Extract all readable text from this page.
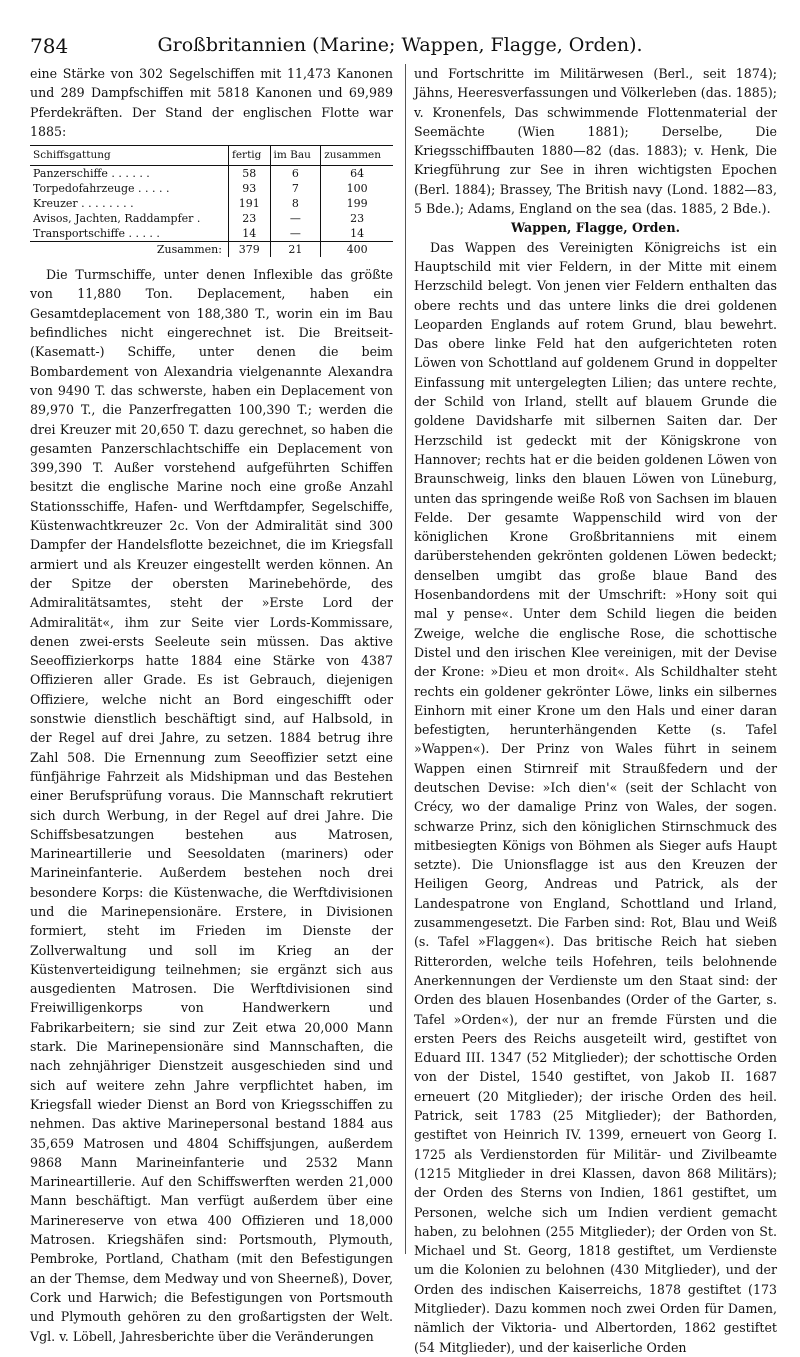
784	Großbritannien (Marine; Wappen, Flagge, Orden).

eine Stärke von 302 Segelschiffen mit 11,473 Kanonen und 289 Dampfschiffen mit 5818 Kanonen und 69,989 Pferdekräften. Der Stand der englischen Flotte war 1885:

Schiffsgattung	fertig	im Bau	zusammen
Panzerschiffe . . . . . .	58	6	64
Torpedofahrzeuge . . . . .	93	7	100
Kreuzer . . . . . . . .	191	8	199
Avisos, Jachten, Raddampfer .	23	—	23
Transportschiffe . . . . .	14	—	14
Zusammen:	379	21	400

Die Turmschiffe, unter denen Inflexible das größte von 11,880 Ton. Deplacement, haben ein Gesamtdeplacement von 188,380 T., worin ein im Bau befindliches nicht eingerechnet ist. Die Breitseit- (Kasematt-) Schiffe, unter denen die beim Bombardement von Alexandria vielgenannte Alexandra von 9490 T. das schwerste, haben ein Deplacement von 89,970 T., die Panzerfregatten 100,390 T.; werden die drei Kreuzer mit 20,650 T. dazu gerechnet, so haben die gesamten Panzerschlachtschiffe ein Deplacement von 399,390 T. Außer vorstehend aufgeführten Schiffen besitzt die englische Marine noch eine große Anzahl Stationsschiffe, Hafen- und Werftdampfer, Segelschiffe, Küstenwachtkreuzer 2c. Von der Admiralität sind 300 Dampfer der Handelsflotte bezeichnet, die im Kriegsfall armiert und als Kreuzer eingestellt werden können. An der Spitze der obersten Marinebehörde, des Admiralitätsamtes, steht der »Erste Lord der Admiralität«, ihm zur Seite vier Lords-Kommissare, denen zwei-ersts Seeleute sein müssen. Das aktive Seeoffizierkorps hatte 1884 eine Stärke von 4387 Offizieren aller Grade. Es ist Gebrauch, diejenigen Offiziere, welche nicht an Bord eingeschifft oder sonstwie dienstlich beschäftigt sind, auf Halbsold, in der Regel auf drei Jahre, zu setzen. 1884 betrug ihre Zahl 508. Die Ernennung zum Seeoffizier setzt eine fünfjährige Fahrzeit als Midshipman und das Bestehen einer Berufsprüfung voraus. Die Mannschaft rekrutiert sich durch Werbung, in der Regel auf drei Jahre. Die Schiffsbesatzungen bestehen aus Matrosen, Marineartillerie und Seesoldaten (mariners) oder Marineinfanterie. Außerdem bestehen noch drei besondere Korps: die Küstenwache, die Werftdivisionen und die Marinepensionäre. Erstere, in Divisionen formiert, steht im Frieden im Dienste der Zollverwaltung und soll im Krieg an der Küstenverteidigung teilnehmen; sie ergänzt sich aus ausgedienten Matrosen. Die Werftdivisionen sind Freiwilligenkorps von Handwerkern und Fabrikarbeitern; sie sind zur Zeit etwa 20,000 Mann stark. Die Marinepensionäre sind Mannschaften, die nach zehnjähriger Dienstzeit ausgeschieden sind und sich auf weitere zehn Jahre verpflichtet haben, im Kriegsfall wieder Dienst an Bord von Kriegsschiffen zu nehmen. Das aktive Marinepersonal bestand 1884 aus 35,659 Matrosen und 4804 Schiffsjungen, außerdem 9868 Mann Marineinfanterie und 2532 Mann Marineartillerie. Auf den Schiffswerften werden 21,000 Mann beschäftigt. Man verfügt außerdem über eine Marinereserve von etwa 400 Offizieren und 18,000 Matrosen. Kriegshäfen sind: Portsmouth, Plymouth, Pembroke, Portland, Chatham (mit den Befestigungen an der Themse, dem Medway und von Sheerneß), Dover, Cork und Harwich; die Befestigungen von Portsmouth und Plymouth gehören zu den großartigsten der Welt. Vgl. v. Löbell, Jahresberichte über die Veränderungen

und Fortschritte im Militärwesen (Berl., seit 1874); Jähns, Heeresverfassungen und Völkerleben (das. 1885); v. Kronenfels, Das schwimmende Flottenmaterial der Seemächte (Wien 1881); Derselbe, Die Kriegsschiffbauten 1880—82 (das. 1883); v. Henk, Die Kriegführung zur See in ihren wichtigsten Epochen (Berl. 1884); Brassey, The British navy (Lond. 1882—83, 5 Bde.); Adams, England on the sea (das. 1885, 2 Bde.).

Wappen, Flagge, Orden.

Das Wappen des Vereinigten Königreichs ist ein Hauptschild mit vier Feldern, in der Mitte mit einem Herzschild belegt. Von jenen vier Feldern enthalten das obere rechts und das untere links die drei goldenen Leoparden Englands auf rotem Grund, blau bewehrt. Das obere linke Feld hat den aufgerichteten roten Löwen von Schottland auf goldenem Grund in doppelter Einfassung mit untergelegten Lilien; das untere rechte, der Schild von Irland, stellt auf blauem Grunde die goldene Davidsharfe mit silbernen Saiten dar. Der Herzschild ist gedeckt mit der Königskrone von Hannover; rechts hat er die beiden goldenen Löwen von Braunschweig, links den blauen Löwen von Lüneburg, unten das springende weiße Roß von Sachsen im blauen Felde. Der gesamte Wappenschild wird von der königlichen Krone Großbritanniens mit einem darüberstehenden gekrönten goldenen Löwen bedeckt; denselben umgibt das große blaue Band des Hosenbandordens mit der Umschrift: »Hony soit qui mal y pense«. Unter dem Schild liegen die beiden Zweige, welche die englische Rose, die schottische Distel und den irischen Klee vereinigen, mit der Devise der Krone: »Dieu et mon droit«. Als Schildhalter steht rechts ein goldener gekrönter Löwe, links ein silbernes Einhorn mit einer Krone um den Hals und einer daran befestigten, herunterhängenden Kette (s. Tafel »Wappen«). Der Prinz von Wales führt in seinem Wappen einen Stirnreif mit Straußfedern und der deutschen Devise: »Ich dien'« (seit der Schlacht von Crécy, wo der damalige Prinz von Wales, der sogen. schwarze Prinz, sich den königlichen Stirnschmuck des mitbesiegten Königs von Böhmen als Sieger aufs Haupt setzte). Die Unionsflagge ist aus den Kreuzen der Heiligen Georg, Andreas und Patrick, als der Landespatrone von England, Schottland und Irland, zusammengesetzt. Die Farben sind: Rot, Blau und Weiß (s. Tafel »Flaggen«). Das britische Reich hat sieben Ritterorden, welche teils Hofehren, teils belohnende Anerkennungen der Verdienste um den Staat sind: der Orden des blauen Hosenbandes (Order of the Garter, s. Tafel »Orden«), der nur an fremde Fürsten und die ersten Peers des Reichs ausgeteilt wird, gestiftet von Eduard III. 1347 (52 Mitglieder); der schottische Orden von der Distel, 1540 gestiftet, von Jakob II. 1687 erneuert (20 Mitglieder); der irische Orden des heil. Patrick, seit 1783 (25 Mitglieder); der Bathorden, gestiftet von Heinrich IV. 1399, erneuert von Georg I. 1725 als Verdienstorden für Militär- und Zivilbeamte (1215 Mitglieder in drei Klassen, davon 868 Militärs); der Orden des Sterns von Indien, 1861 gestiftet, um Personen, welche sich um Indien verdient gemacht haben, zu belohnen (255 Mitglieder); der Orden von St. Michael und St. Georg, 1818 gestiftet, um Verdienste um die Kolonien zu belohnen (430 Mitglieder), und der Orden des indischen Kaiserreichs, 1878 gestiftet (173 Mitglieder). Dazu kommen noch zwei Orden für Damen, nämlich der Viktoria- und Albertorden, 1862 gestiftet (54 Mitglieder), und der kaiserliche Orden
